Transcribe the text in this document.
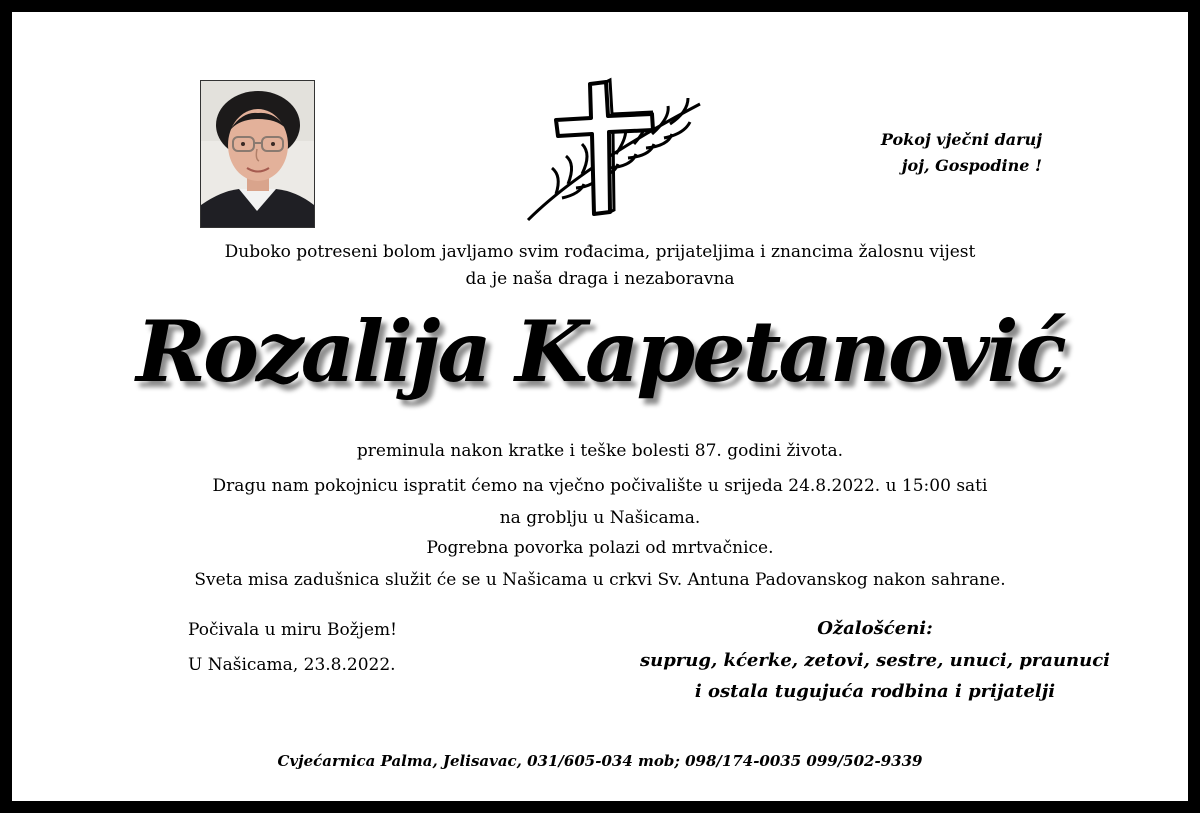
Pokoj vječni daruj
joj, Gospodine !
Duboko potreseni bolom javljamo svim rođacima, prijateljima i znancima žalosnu vijest
da je naša draga i nezaboravna
Rozalija Kapetanović
preminula nakon kratke i teške bolesti 87. godini života.
Dragu nam pokojnicu ispratit ćemo na vječno počivalište u srijeda 24.8.2022. u 15:00 sati
na groblju u Našicama.
Pogrebna povorka polazi od mrtvačnice.
Sveta misa zadušnica služit će se u Našicama u crkvi Sv. Antuna Padovanskog nakon sahrane.
Počivala u miru Božjem!
U Našicama, 23.8.2022.
Ožalošćeni:
suprug, kćerke, zetovi, sestre, unuci, praunuci
i ostala tugujuća rodbina i prijatelji
Cvjećarnica Palma, Jelisavac, 031/605-034 mob; 098/174-0035 099/502-9339
